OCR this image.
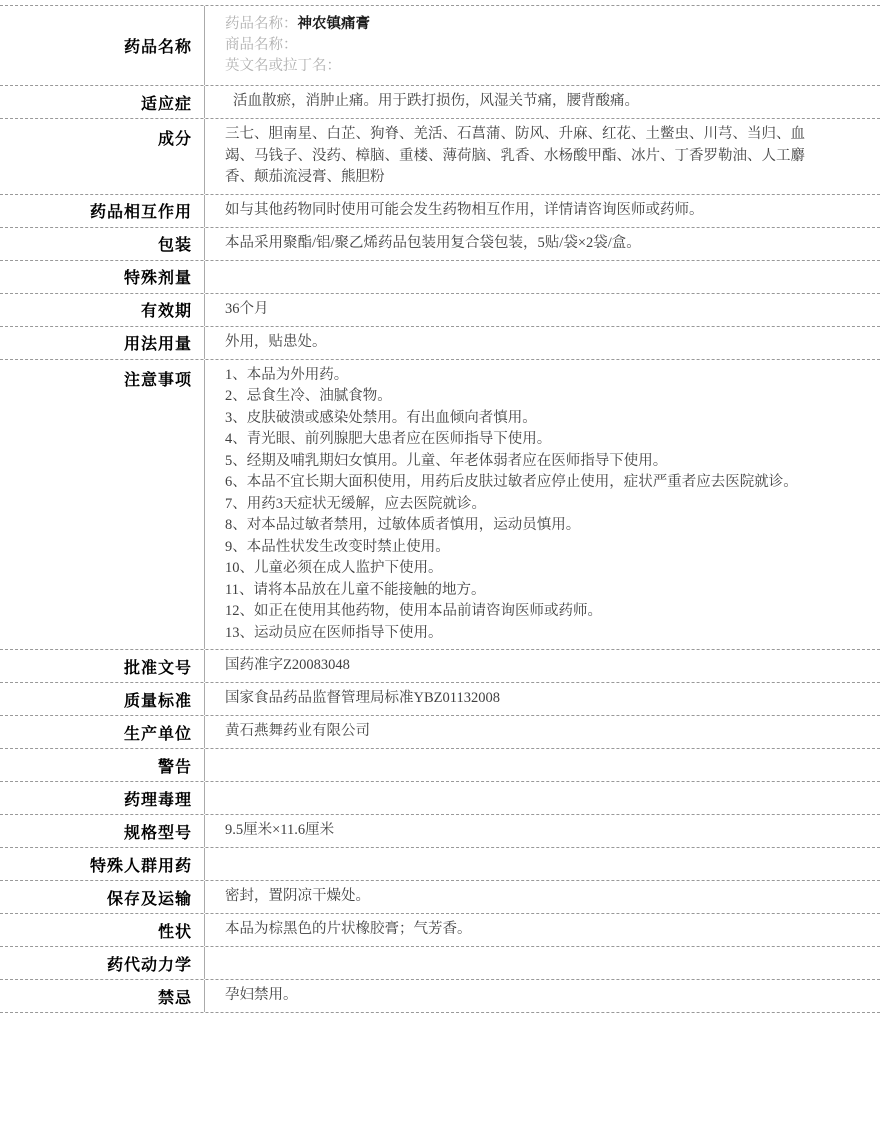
药品名称
药品名称：神农镇痛膏
商品名称：
英文名或拉丁名：
适应症	活血散瘀，消肿止痛。用于跌打损伤，风湿关节痛，腰背酸痛。
成分	三七、胆南星、白芷、狗脊、羌活、石菖蒲、防风、升麻、红花、土鳖虫、川芎、当归、血竭、马钱子、没药、樟脑、重楼、薄荷脑、乳香、水杨酸甲酯、冰片、丁香罗勒油、人工麝香、颠茄流浸膏、熊胆粉
药品相互作用	如与其他药物同时使用可能会发生药物相互作用，详情请咨询医师或药师。
包装	本品采用聚酯/铝/聚乙烯药品包装用复合袋包装，5贴/袋×2袋/盒。
特殊剂量
有效期	36个月
用法用量	外用，贴患处。
注意事项	1、本品为外用药。
2、忌食生冷、油腻食物。
3、皮肤破溃或感染处禁用。有出血倾向者慎用。
4、青光眼、前列腺肥大患者应在医师指导下使用。
5、经期及哺乳期妇女慎用。儿童、年老体弱者应在医师指导下使用。
6、本品不宜长期大面积使用，用药后皮肤过敏者应停止使用，症状严重者应去医院就诊。
7、用药3天症状无缓解，应去医院就诊。
8、对本品过敏者禁用，过敏体质者慎用，运动员慎用。
9、本品性状发生改变时禁止使用。
10、儿童必须在成人监护下使用。
11、请将本品放在儿童不能接触的地方。
12、如正在使用其他药物，使用本品前请咨询医师或药师。
13、运动员应在医师指导下使用。
批准文号	国药准字Z20083048
质量标准	国家食品药品监督管理局标准YBZ01132008
生产单位	黄石燕舞药业有限公司
警告
药理毒理
规格型号	9.5厘米×11.6厘米
特殊人群用药
保存及运输	密封，置阴凉干燥处。
性状	本品为棕黑色的片状橡胶膏；气芳香。
药代动力学
禁忌	孕妇禁用。
